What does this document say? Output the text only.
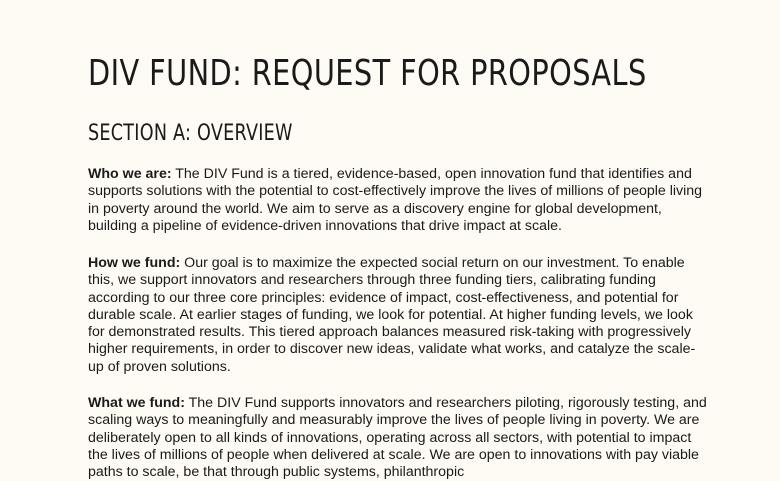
DIV FUND: REQUEST FOR PROPOSALS
SECTION A: OVERVIEW

Who we are: The DIV Fund is a tiered, evidence-based, open innovation fund that identifies and supports solutions with the potential to cost-effectively improve the lives of millions of people living in poverty around the world. We aim to serve as a discovery engine for global development, building a pipeline of evidence-driven innovations that drive impact at scale.

How we fund: Our goal is to maximize the expected social return on our investment. To enable this, we support innovators and researchers through three funding tiers, calibrating funding according to our three core principles: evidence of impact, cost-effectiveness, and potential for durable scale. At earlier stages of funding, we look for potential. At higher funding levels, we look for demonstrated results. This tiered approach balances measured risk-taking with progressively higher requirements, in order to discover new ideas, validate what works, and catalyze the scale-up of proven solutions.

What we fund: The DIV Fund supports innovators and researchers piloting, rigorously testing, and scaling ways to meaningfully and measurably improve the lives of people living in poverty. We are deliberately open to all kinds of innovations, operating across all sectors, with potential to impact the lives of millions of people when delivered at scale. We are open to innovations with pay viable paths to scale, be that through public systems, philanthropic
